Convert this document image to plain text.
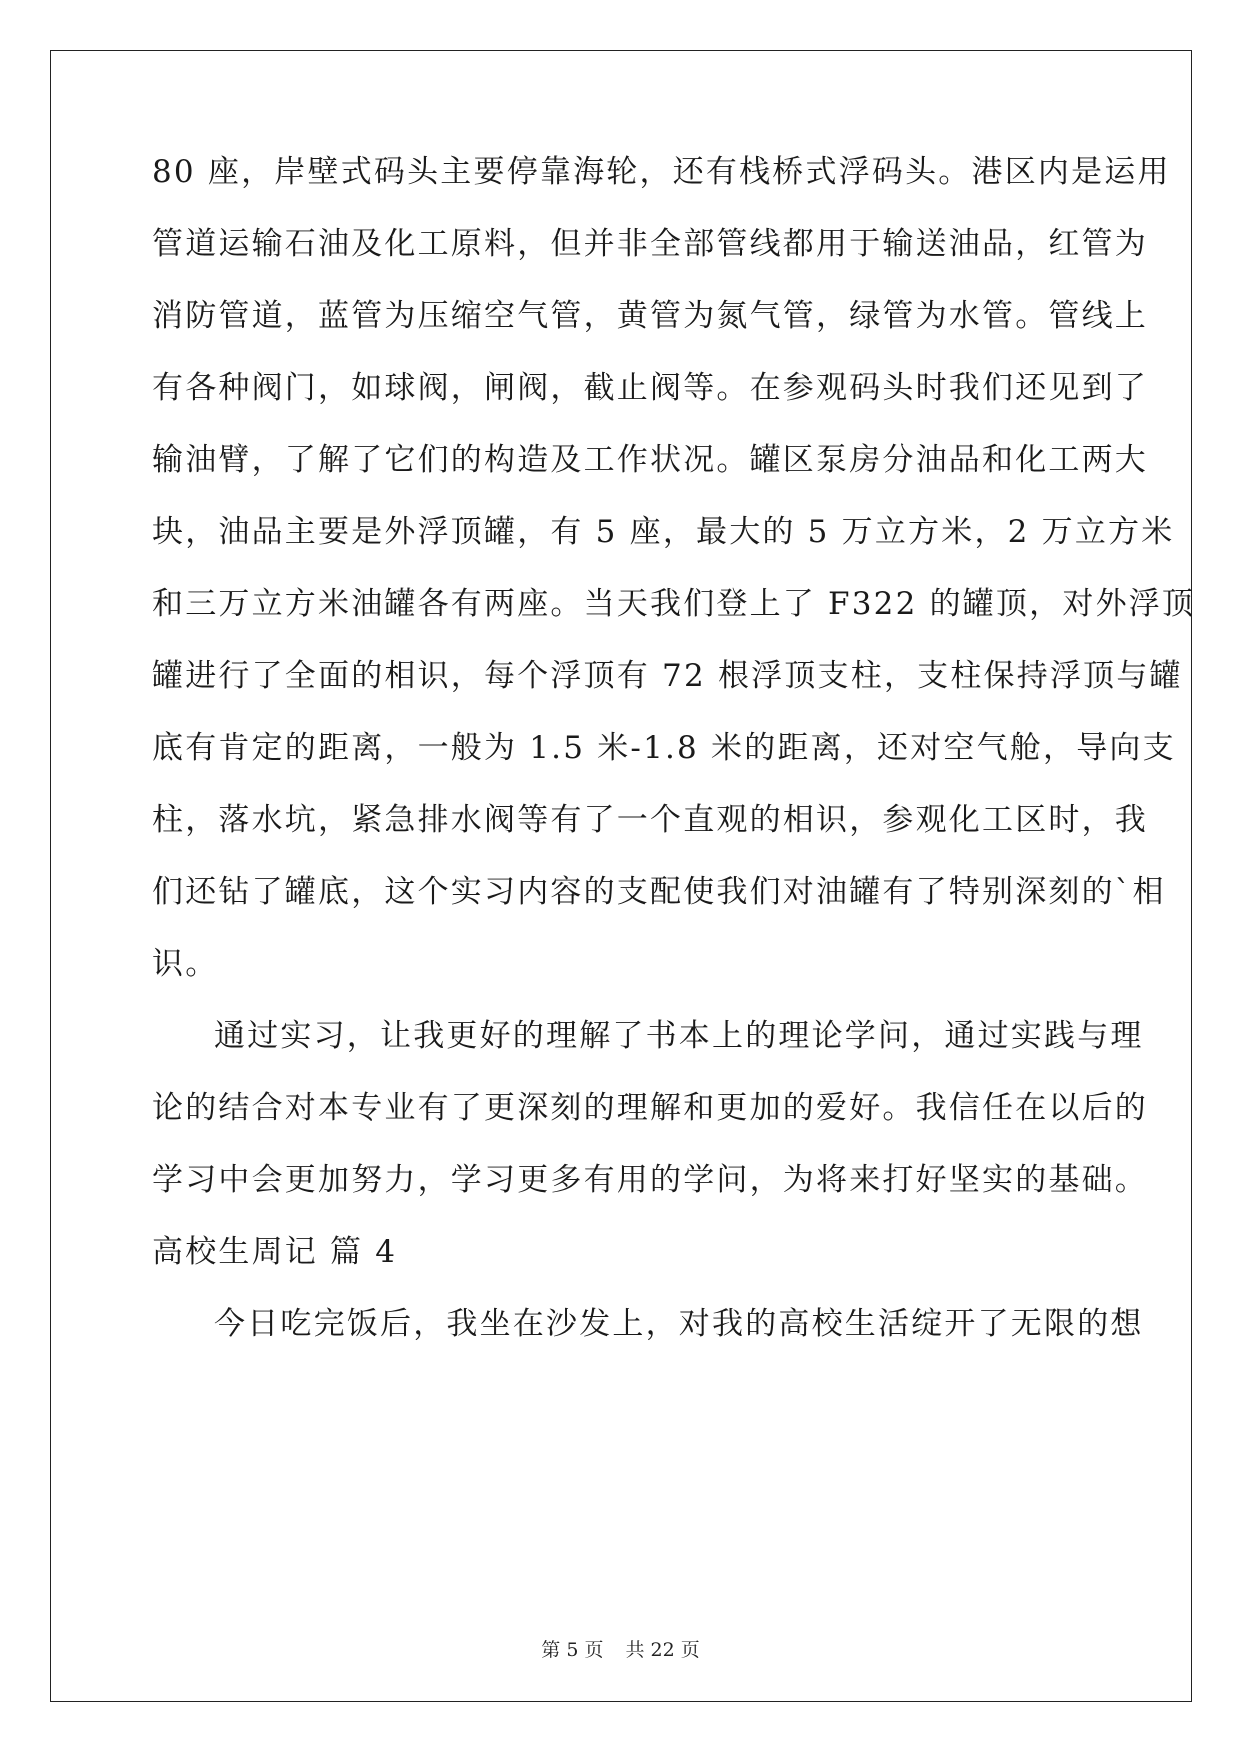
80 座，岸壁式码头主要停靠海轮，还有栈桥式浮码头。港区内是运用
管道运输石油及化工原料，但并非全部管线都用于输送油品，红管为
消防管道，蓝管为压缩空气管，黄管为氮气管，绿管为水管。管线上
有各种阀门，如球阀，闸阀，截止阀等。在参观码头时我们还见到了
输油臂，了解了它们的构造及工作状况。罐区泵房分油品和化工两大
块，油品主要是外浮顶罐，有 5 座，最大的 5 万立方米，2 万立方米
和三万立方米油罐各有两座。当天我们登上了 F322 的罐顶，对外浮顶
罐进行了全面的相识，每个浮顶有 72 根浮顶支柱，支柱保持浮顶与罐
底有肯定的距离，一般为 1.5 米-1.8 米的距离，还对空气舱，导向支
柱，落水坑，紧急排水阀等有了一个直观的相识，参观化工区时，我
们还钻了罐底，这个实习内容的支配使我们对油罐有了特别深刻的`相
识。
通过实习，让我更好的理解了书本上的理论学问，通过实践与理
论的结合对本专业有了更深刻的理解和更加的爱好。我信任在以后的
学习中会更加努力，学习更多有用的学问，为将来打好坚实的基础。
高校生周记 篇 4
今日吃完饭后，我坐在沙发上，对我的高校生活绽开了无限的想
第 5 页 共 22 页
